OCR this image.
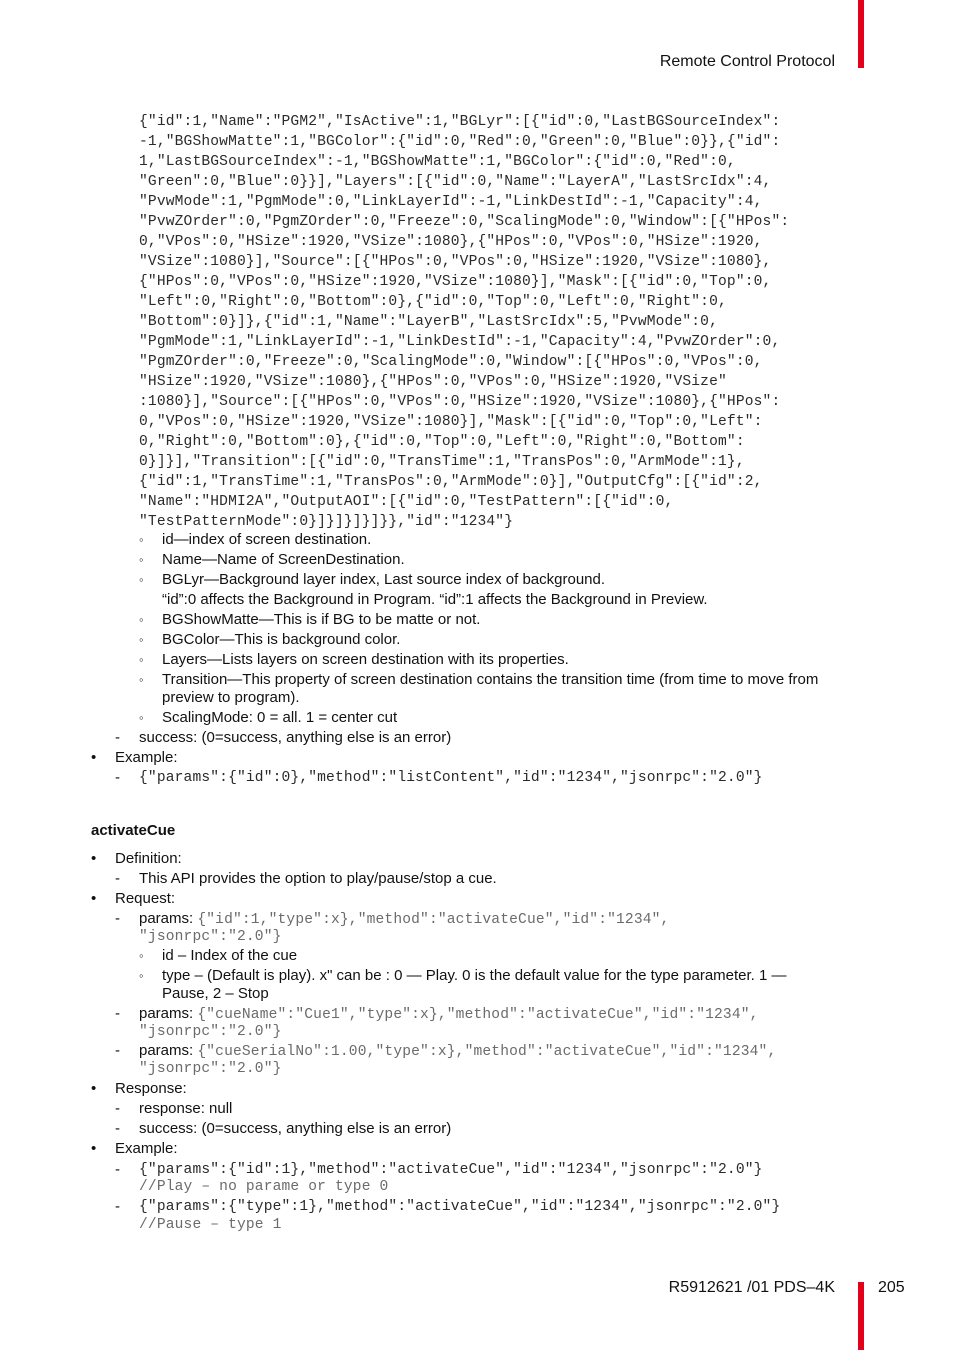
Remote Control Protocol
{"id":1,"Name":"PGM2","IsActive":1,"BGLyr":[{"id":0,"LastBGSourceIndex":
-1,"BGShowMatte":1,"BGColor":{"id":0,"Red":0,"Green":0,"Blue":0}},{"id":
1,"LastBGSourceIndex":-1,"BGShowMatte":1,"BGColor":{"id":0,"Red":0,
"Green":0,"Blue":0}}],"Layers":[{"id":0,"Name":"LayerA","LastSrcIdx":4,
"PvwMode":1,"PgmMode":0,"LinkLayerId":-1,"LinkDestId":-1,"Capacity":4,
"PvwZOrder":0,"PgmZOrder":0,"Freeze":0,"ScalingMode":0,"Window":[{"HPos":
0,"VPos":0,"HSize":1920,"VSize":1080},{"HPos":0,"VPos":0,"HSize":1920,
"VSize":1080}],"Source":[{"HPos":0,"VPos":0,"HSize":1920,"VSize":1080},
{"HPos":0,"VPos":0,"HSize":1920,"VSize":1080}],"Mask":[{"id":0,"Top":0,
"Left":0,"Right":0,"Bottom":0},{"id":0,"Top":0,"Left":0,"Right":0,
"Bottom":0}]},{"id":1,"Name":"LayerB","LastSrcIdx":5,"PvwMode":0,
"PgmMode":1,"LinkLayerId":-1,"LinkDestId":-1,"Capacity":4,"PvwZOrder":0,
"PgmZOrder":0,"Freeze":0,"ScalingMode":0,"Window":[{"HPos":0,"VPos":0,
"HSize":1920,"VSize":1080},{"HPos":0,"VPos":0,"HSize":1920,"VSize"
:1080}],"Source":[{"HPos":0,"VPos":0,"HSize":1920,"VSize":1080},{"HPos":
0,"VPos":0,"HSize":1920,"VSize":1080}],"Mask":[{"id":0,"Top":0,"Left":
0,"Right":0,"Bottom":0},{"id":0,"Top":0,"Left":0,"Right":0,"Bottom":
0}]}],"Transition":[{"id":0,"TransTime":1,"TransPos":0,"ArmMode":1},
{"id":1,"TransTime":1,"TransPos":0,"ArmMode":0}],"OutputCfg":[{"id":2,
"Name":"HDMI2A","OutputAOI":[{"id":0,"TestPattern":[{"id":0,
"TestPatternMode":0}]}]}]}]}},"id":"1234"}
◦ id—index of screen destination.
◦ Name—Name of ScreenDestination.
◦ BGLyr—Background layer index, Last source index of background.
“id”:0 affects the Background in Program. “id”:1 affects the Background in Preview.
◦ BGShowMatte—This is if BG to be matte or not.
◦ BGColor—This is background color.
◦ Layers—Lists layers on screen destination with its properties.
◦ Transition—This property of screen destination contains the transition time (from time to move from
preview to program).
◦ ScalingMode: 0 = all. 1 = center cut
- success: (0=success, anything else is an error)
• Example:
- {"params":{"id":0},"method":"listContent","id":"1234","jsonrpc":"2.0"}
activateCue
• Definition:
- This API provides the option to play/pause/stop a cue.
• Request:
- params: {"id":1,"type":x},"method":"activateCue","id":"1234",
"jsonrpc":"2.0"}
◦ id – Index of the cue
◦ type – (Default is play). x" can be : 0 — Play. 0 is the default value for the type parameter. 1 —
Pause, 2 – Stop
- params: {"cueName":"Cue1","type":x},"method":"activateCue","id":"1234",
"jsonrpc":"2.0"}
- params: {"cueSerialNo":1.00,"type":x},"method":"activateCue","id":"1234",
"jsonrpc":"2.0"}
• Response:
- response: null
- success: (0=success, anything else is an error)
• Example:
- {"params":{"id":1},"method":"activateCue","id":"1234","jsonrpc":"2.0"}
//Play – no parame or type 0
- {"params":{"type":1},"method":"activateCue","id":"1234","jsonrpc":"2.0"}
//Pause – type 1
R5912621 /01 PDS–4K	205
